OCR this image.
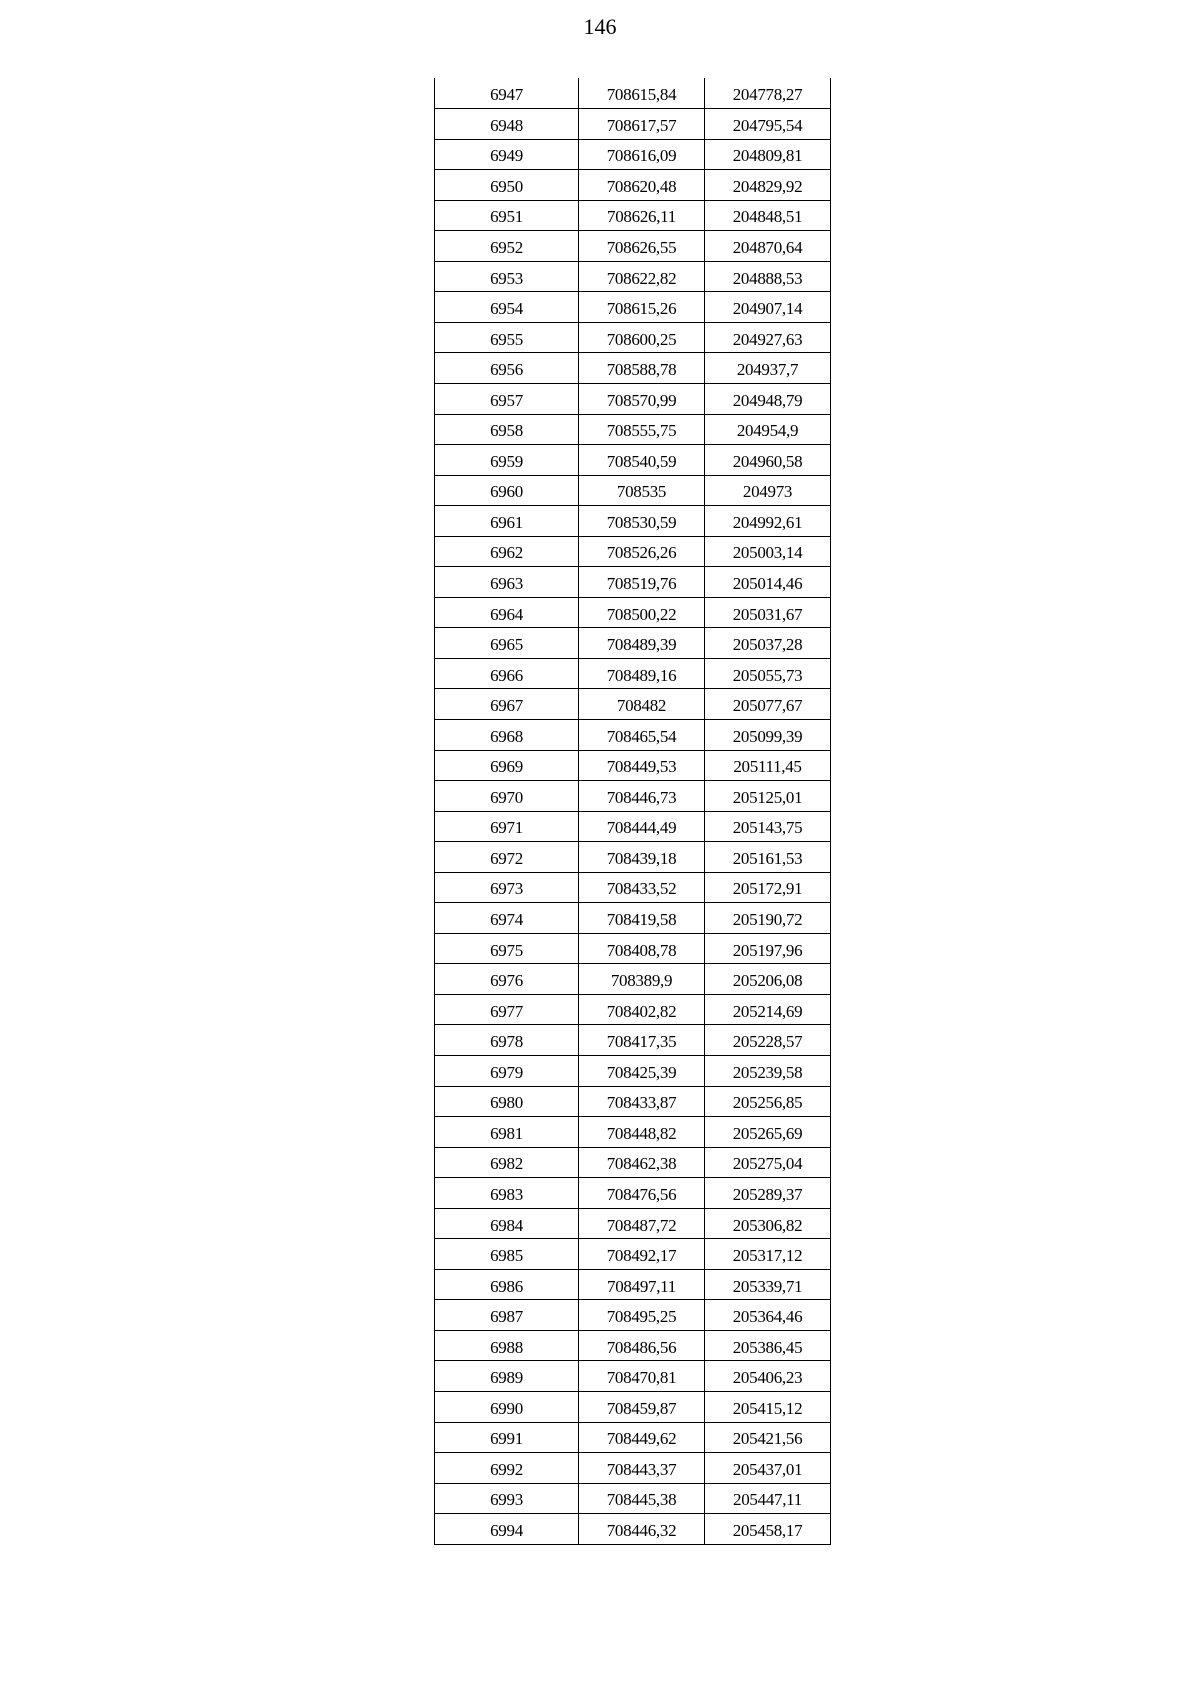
146
6947	708615,84	204778,27
6948	708617,57	204795,54
6949	708616,09	204809,81
6950	708620,48	204829,92
6951	708626,11	204848,51
6952	708626,55	204870,64
6953	708622,82	204888,53
6954	708615,26	204907,14
6955	708600,25	204927,63
6956	708588,78	204937,7
6957	708570,99	204948,79
6958	708555,75	204954,9
6959	708540,59	204960,58
6960	708535	204973
6961	708530,59	204992,61
6962	708526,26	205003,14
6963	708519,76	205014,46
6964	708500,22	205031,67
6965	708489,39	205037,28
6966	708489,16	205055,73
6967	708482	205077,67
6968	708465,54	205099,39
6969	708449,53	205111,45
6970	708446,73	205125,01
6971	708444,49	205143,75
6972	708439,18	205161,53
6973	708433,52	205172,91
6974	708419,58	205190,72
6975	708408,78	205197,96
6976	708389,9	205206,08
6977	708402,82	205214,69
6978	708417,35	205228,57
6979	708425,39	205239,58
6980	708433,87	205256,85
6981	708448,82	205265,69
6982	708462,38	205275,04
6983	708476,56	205289,37
6984	708487,72	205306,82
6985	708492,17	205317,12
6986	708497,11	205339,71
6987	708495,25	205364,46
6988	708486,56	205386,45
6989	708470,81	205406,23
6990	708459,87	205415,12
6991	708449,62	205421,56
6992	708443,37	205437,01
6993	708445,38	205447,11
6994	708446,32	205458,17
